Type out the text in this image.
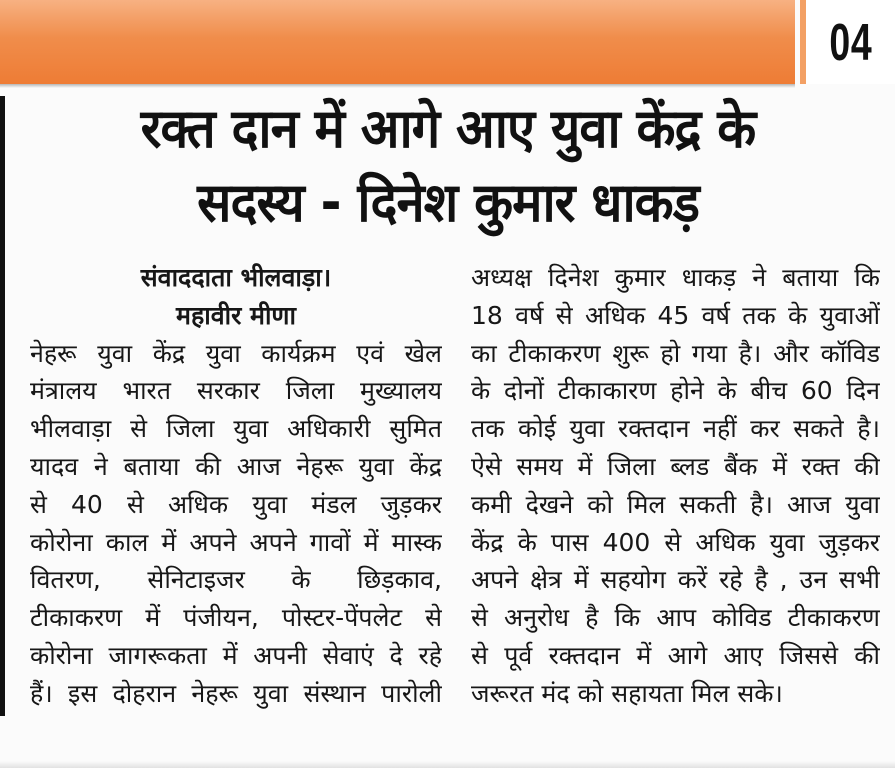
04
रक्त दान में आगे आए युवा केंद्र के
सदस्य - दिनेश कुमार धाकड़
संवाददाता भीलवाड़ा।
महावीर मीणा
नेहरू युवा केंद्र युवा कार्यक्रम एवं खेल
मंत्रालय भारत सरकार जिला मुख्यालय
भीलवाड़ा से जिला युवा अधिकारी सुमित
यादव ने बताया की आज नेहरू युवा केंद्र
से 40 से अधिक युवा मंडल जुड़कर
कोरोना काल में अपने अपने गावों में मास्क
वितरण, सेनिटाइजर के छिड़काव,
टीकाकरण में पंजीयन, पोस्टर-पेंपलेट से
कोरोना जागरूकता में अपनी सेवाएं दे रहे
हैं। इस दोहरान नेहरू युवा संस्थान पारोली
अध्यक्ष दिनेश कुमार धाकड़ ने बताया कि
18 वर्ष से अधिक 45 वर्ष तक के युवाओं
का टीकाकरण शुरू हो गया है। और कॉविड
के दोनों टीकाकारण होने के बीच 60 दिन
तक कोई युवा रक्तदान नहीं कर सकते है।
ऐसे समय में जिला ब्लड बैंक में रक्त की
कमी देखने को मिल सकती है। आज युवा
केंद्र के पास 400 से अधिक युवा जुड़कर
अपने क्षेत्र में सहयोग करें रहे है , उन सभी
से अनुरोध है कि आप कोविड टीकाकरण
से पूर्व रक्तदान में आगे आए जिससे की
जरूरत मंद को सहायता मिल सके।
